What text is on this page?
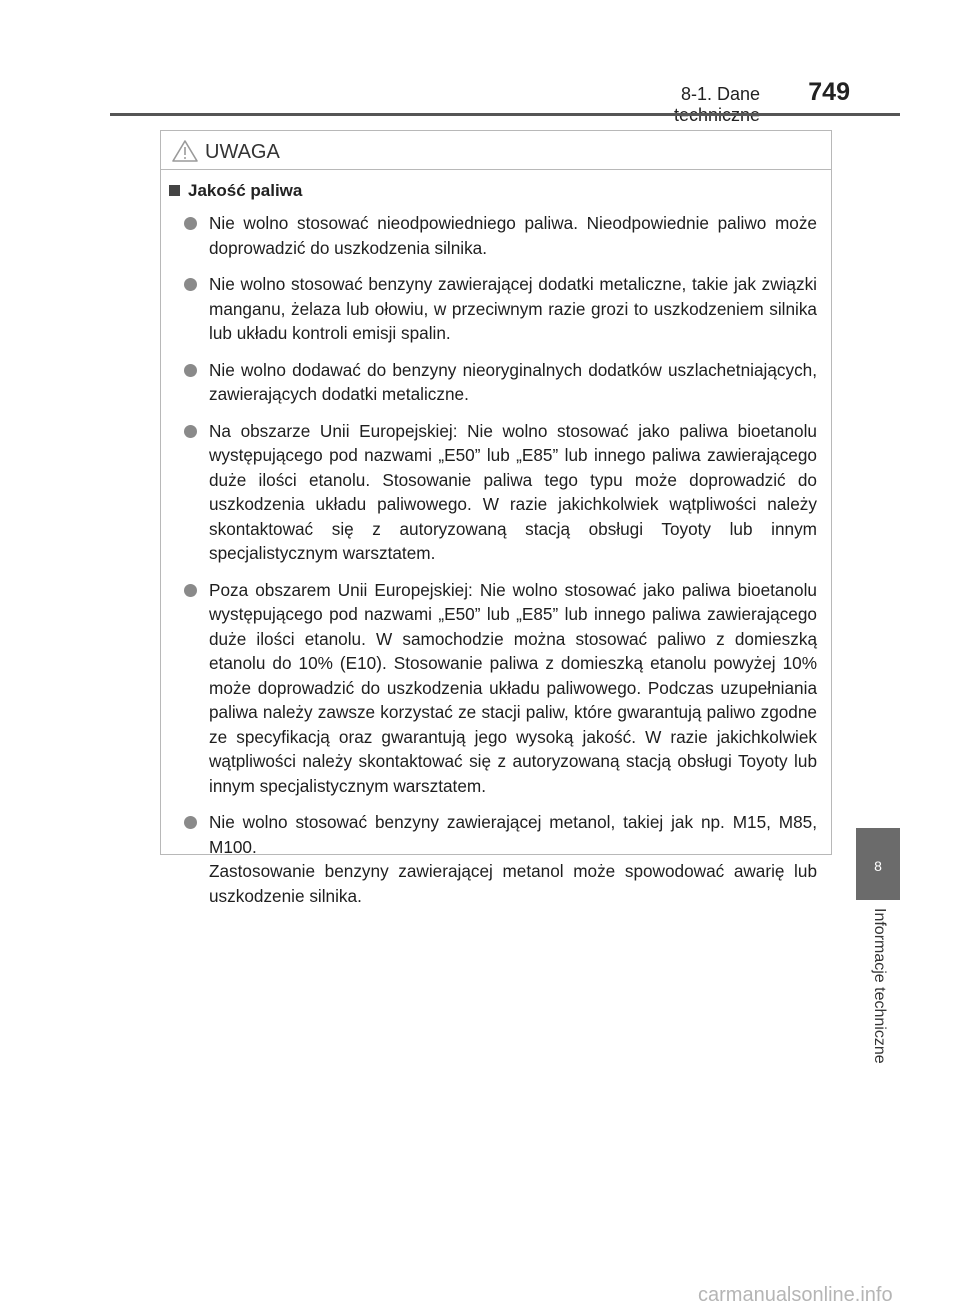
8-1. Dane	749
UWAGA
Jakość paliwa
Nie wolno stosować nieodpowiedniego paliwa. Nieodpowiednie paliwo może doprowadzić do uszkodzenia silnika.
Nie wolno stosować benzyny zawierającej dodatki metaliczne, takie jak związki manganu, żelaza lub ołowiu, w przeciwnym razie grozi to uszkodzeniem silnika lub układu kontroli emisji spalin.
Nie wolno dodawać do benzyny nieoryginalnych dodatków uszlachetniających, zawierających dodatki metaliczne.
Na obszarze Unii Europejskiej: Nie wolno stosować jako paliwa bioetanolu występującego pod nazwami „E50” lub „E85” lub innego paliwa zawierającego duże ilości etanolu. Stosowanie paliwa tego typu może doprowadzić do uszkodzenia układu paliwowego. W razie jakichkolwiek wątpliwości należy skontaktować się z autoryzowaną stacją obsługi Toyoty lub innym specjalistycznym warsztatem.
Poza obszarem Unii Europejskiej: Nie wolno stosować jako paliwa bioetanolu występującego pod nazwami „E50” lub „E85” lub innego paliwa zawierającego duże ilości etanolu. W samochodzie można stosować paliwo z domieszką etanolu do 10% (E10). Stosowanie paliwa z domieszką etanolu powyżej 10% może doprowadzić do uszkodzenia układu paliwowego. Podczas uzupełniania paliwa należy zawsze korzystać ze stacji paliw, które gwarantują paliwo zgodne ze specyfikacją oraz gwarantują jego wysoką jakość. W razie jakichkolwiek wątpliwości należy skontaktować się z autoryzowaną stacją obsługi Toyoty lub innym specjalistycznym warsztatem.
Nie wolno stosować benzyny zawierającej metanol, takiej jak np. M15, M85, M100.
Zastosowanie benzyny zawierającej metanol może spowodować awarię lub uszkodzenie silnika.
8
Informacje techniczne
carmanualsonline.info
